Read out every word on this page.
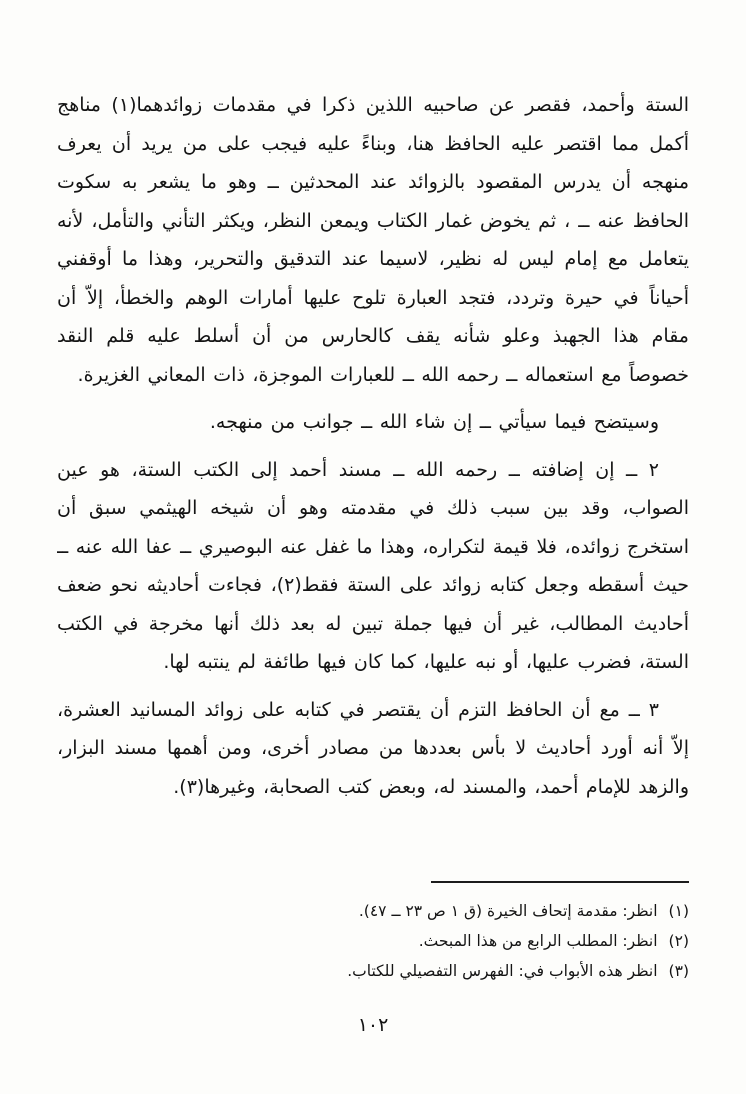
الستة وأحمد، فقصر عن صاحبيه اللذين ذكرا في مقدمات زوائدهما(١) مناهج أكمل مما اقتصر عليه الحافظ هنا، وبناءً عليه فيجب على من يريد أن يعرف منهجه أن يدرس المقصود بالزوائد عند المحدثين ــ وهو ما يشعر به سكوت الحافظ عنه ــ ، ثم يخوض غمار الكتاب ويمعن النظر، ويكثر التأني والتأمل، لأنه يتعامل مع إمام ليس له نظير، لاسيما عند التدقيق والتحرير، وهذا ما أوقفني أحياناً في حيرة وتردد، فتجد العبارة تلوح عليها أمارات الوهم والخطأ، إلاّ أن مقام هذا الجهبذ وعلو شأنه يقف كالحارس من أن أسلط عليه قلم النقد خصوصاً مع استعماله ــ رحمه الله ــ للعبارات الموجزة، ذات المعاني الغزيرة.

وسيتضح فيما سيأتي ــ إن شاء الله ــ جوانب من منهجه.

٢ ــ إن إضافته ــ رحمه الله ــ مسند أحمد إلى الكتب الستة، هو عين الصواب، وقد بين سبب ذلك في مقدمته وهو أن شيخه الهيثمي سبق أن استخرج زوائده، فلا قيمة لتكراره، وهذا ما غفل عنه البوصيري ــ عفا الله عنه ــ حيث أسقطه وجعل كتابه زوائد على الستة فقط(٢)، فجاءت أحاديثه نحو ضعف أحاديث المطالب، غير أن فيها جملة تبين له بعد ذلك أنها مخرجة في الكتب الستة، فضرب عليها، أو نبه عليها، كما كان فيها طائفة لم ينتبه لها.

٣ ــ مع أن الحافظ التزم أن يقتصر في كتابه على زوائد المسانيد العشرة، إلاّ أنه أورد أحاديث لا بأس بعددها من مصادر أخرى، ومن أهمها مسند البزار، والزهد للإمام أحمد، والمسند له، وبعض كتب الصحابة، وغيرها(٣).

(١)
انظر: مقدمة إتحاف الخيرة (ق ١ ص ٢٣ ــ ٤٧).
(٢)
انظر: المطلب الرابع من هذا المبحث.
(٣)
انظر هذه الأبواب في: الفهرس التفصيلي للكتاب.
١٠٢
